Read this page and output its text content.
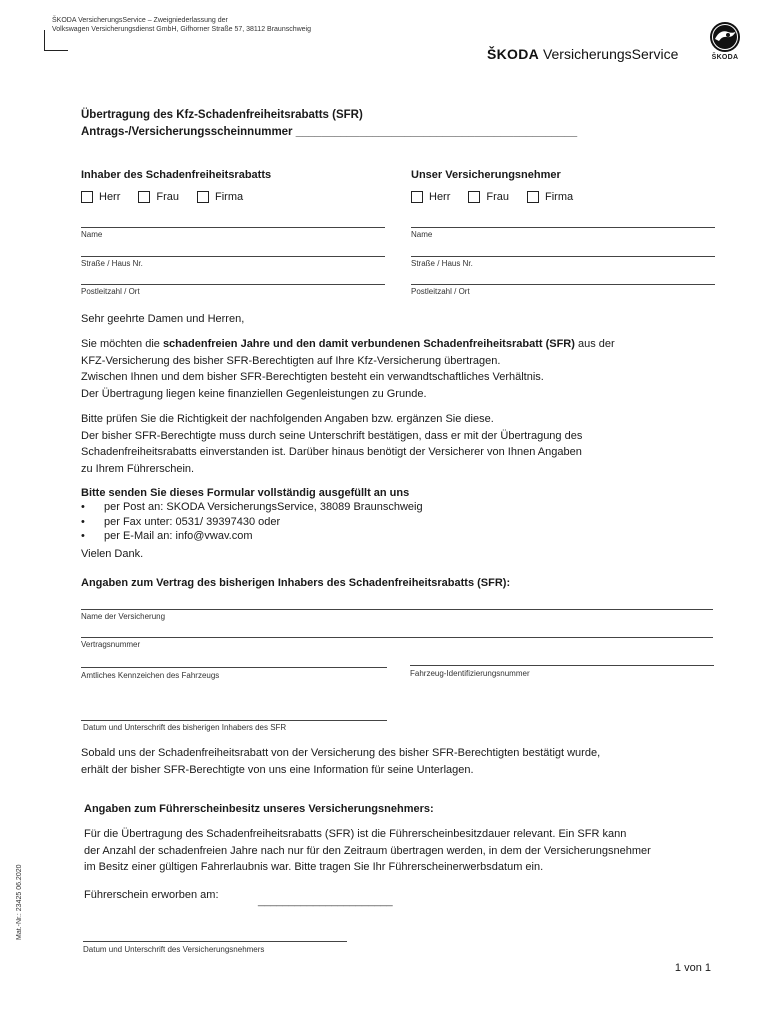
ŠKODA VersicherungsService – Zweigniederlassung der
Volkswagen Versicherungsdienst GmbH, Gifhorner Straße 57, 38112 Braunschweig
ŠKODA VersicherungsService	ŠKODA
Übertragung des Kfz-Schadenfreiheitsrabatts (SFR)
Antrags-/Versicherungsscheinnummer ____________________________________________
Inhaber des Schadenfreiheitsrabatts
Herr	Frau	Firma
Name
Straße / Haus Nr.
Postleitzahl / Ort
Unser Versicherungsnehmer
Herr	Frau	Firma
Name
Straße / Haus Nr.
Postleitzahl / Ort
Sehr geehrte Damen und Herren,
Sie möchten die schadenfreien Jahre und den damit verbundenen Schadenfreiheitsrabatt (SFR) aus der
KFZ-Versicherung des bisher SFR-Berechtigten auf Ihre Kfz-Versicherung übertragen.
Zwischen Ihnen und dem bisher SFR-Berechtigten besteht ein verwandtschaftliches Verhältnis.
Der Übertragung liegen keine finanziellen Gegenleistungen zu Grunde.
Bitte prüfen Sie die Richtigkeit der nachfolgenden Angaben bzw. ergänzen Sie diese.
Der bisher SFR-Berechtigte muss durch seine Unterschrift bestätigen, dass er mit der Übertragung des
Schadenfreiheitsrabatts einverstanden ist. Darüber hinaus benötigt der Versicherer von Ihnen Angaben
zu Ihrem Führerschein.
Bitte senden Sie dieses Formular vollständig ausgefüllt an uns
• per Post an: SKODA VersicherungsService, 38089 Braunschweig
• per Fax unter: 0531/ 39397430 oder
• per E-Mail an: info@vwav.com
Vielen Dank.
Angaben zum Vertrag des bisherigen Inhabers des Schadenfreiheitsrabatts (SFR):
Name der Versicherung
Vertragsnummer
Amtliches Kennzeichen des Fahrzeugs	Fahrzeug-Identifizierungsnummer
Datum und Unterschrift des bisherigen Inhabers des SFR
Sobald uns der Schadenfreiheitsrabatt von der Versicherung des bisher SFR-Berechtigten bestätigt wurde,
erhält der bisher SFR-Berechtigte von uns eine Information für seine Unterlagen.
Angaben zum Führerscheinbesitz unseres Versicherungsnehmers:
Für die Übertragung des Schadenfreiheitsrabatts (SFR) ist die Führerscheinbesitzdauer relevant. Ein SFR kann
der Anzahl der schadenfreien Jahre nach nur für den Zeitraum übertragen werden, in dem der Versicherungsnehmer
im Besitz einer gültigen Fahrerlaubnis war. Bitte tragen Sie Ihr Führerscheinerwerbsdatum ein.
Führerschein erworben am:	______________________
Datum und Unterschrift des Versicherungsnehmers
Mat.-Nr.: 23425 06.2020
1 von 1
